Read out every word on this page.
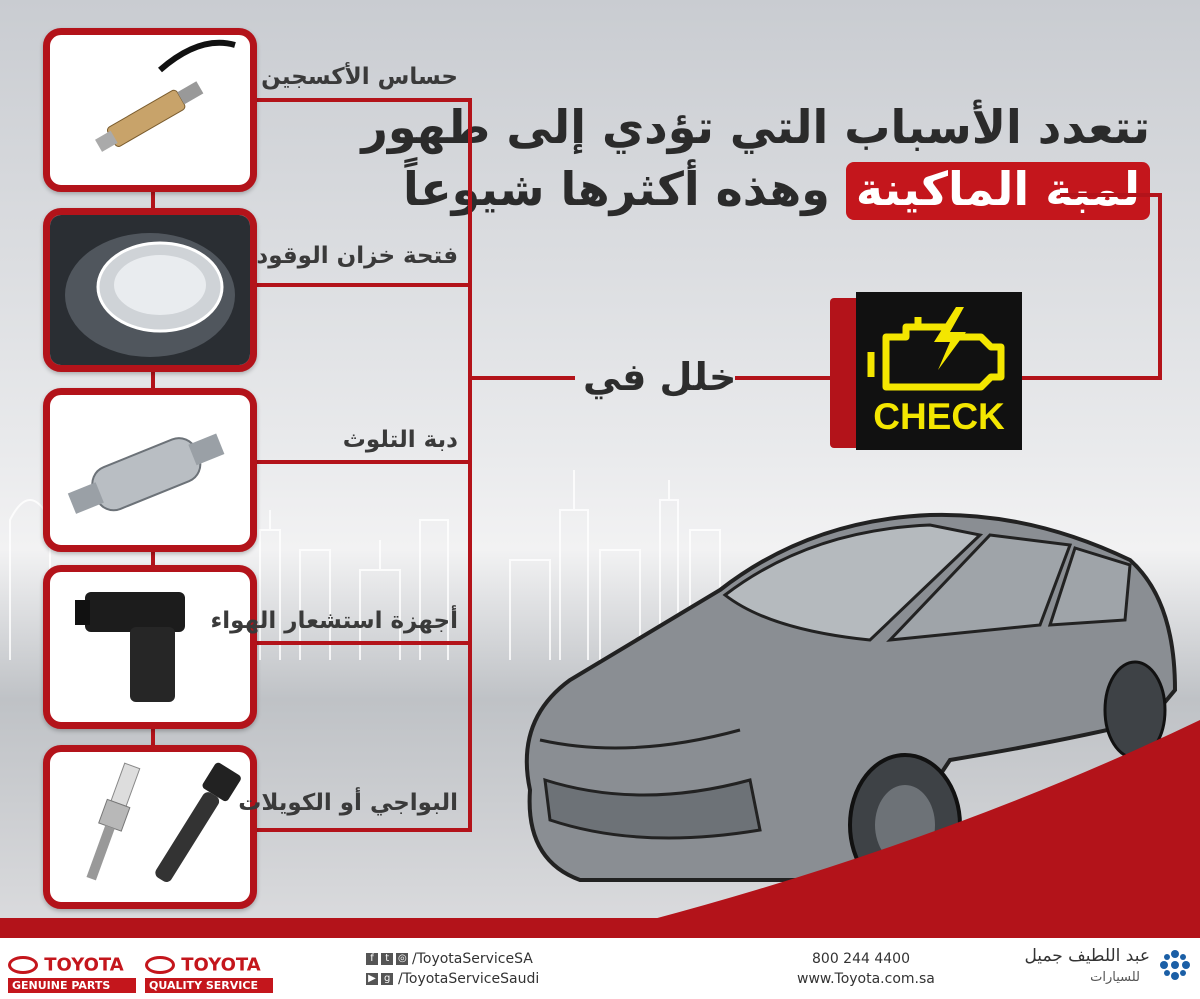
تتعدد الأسباب التي تؤدي إلى ظهور
لمبة الماكينة وهذه أكثرها شيوعاً
حساس الأكسجين
فتحة خزان الوقود
دبة التلوث
أجهزة استشعار الهواء
البواجي أو الكويلات
خلل في
CHECK
TOYOTA
GENUINE PARTS
TOYOTA
QUALITY SERVICE
f t ◎ /ToyotaServiceSA
▶ g /ToyotaServiceSaudi
800 244 4400
www.Toyota.com.sa
عبد اللطيف جميل
للسيارات
